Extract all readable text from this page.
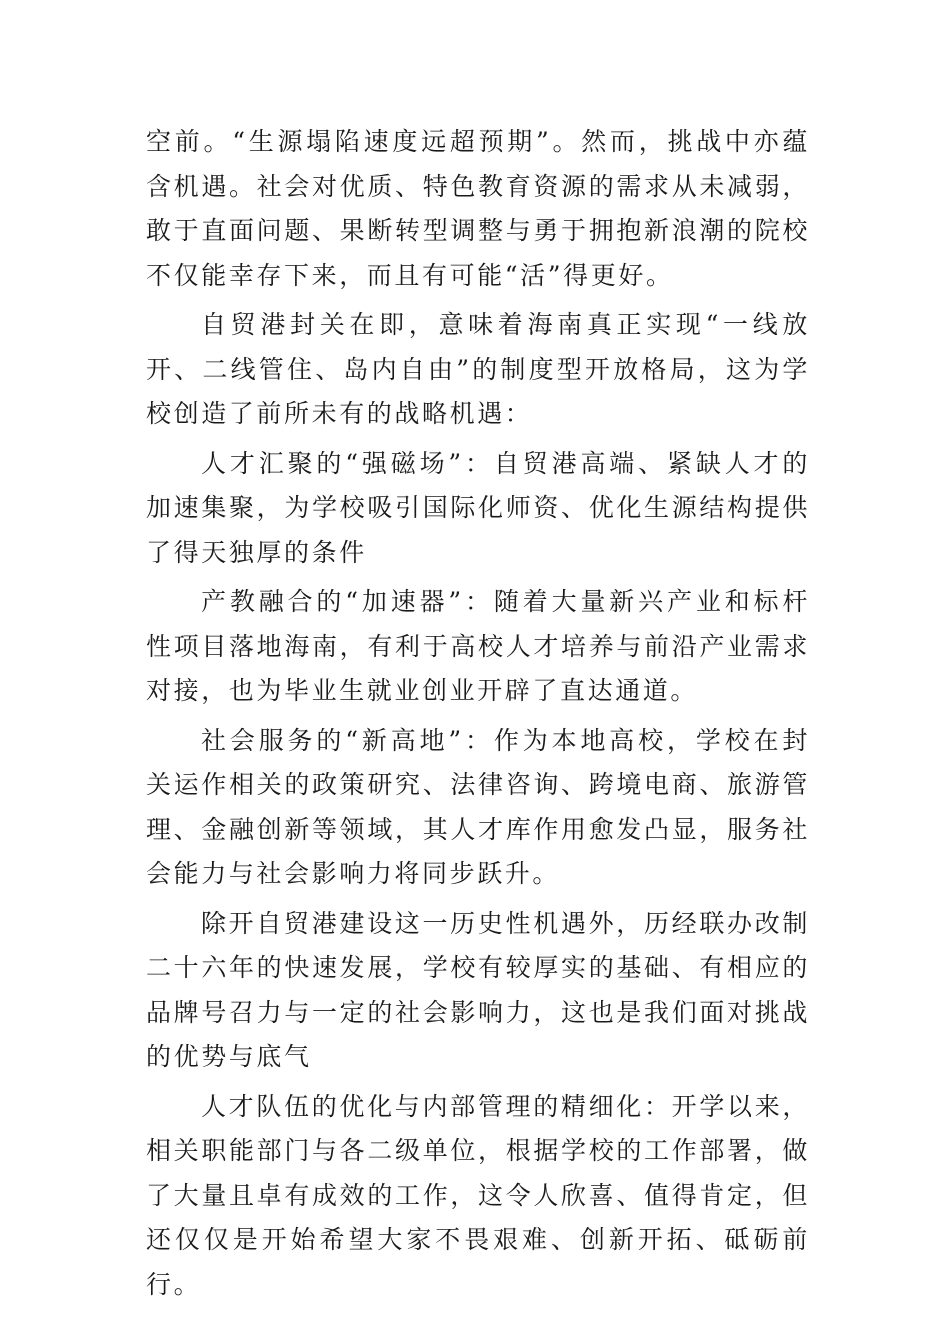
空前。“生源塌陷速度远超预期”。然而，挑战中亦蕴含机遇。社会对优质、特色教育资源的需求从未减弱，敢于直面问题、果断转型调整与勇于拥抱新浪潮的院校不仅能幸存下来，而且有可能“活”得更好。

自贸港封关在即，意味着海南真正实现“一线放开、二线管住、岛内自由”的制度型开放格局，这为学校创造了前所未有的战略机遇：

人才汇聚的“强磁场”：自贸港高端、紧缺人才的加速集聚，为学校吸引国际化师资、优化生源结构提供了得天独厚的条件

产教融合的“加速器”：随着大量新兴产业和标杆性项目落地海南，有利于高校人才培养与前沿产业需求对接，也为毕业生就业创业开辟了直达通道。

社会服务的“新高地”：作为本地高校，学校在封关运作相关的政策研究、法律咨询、跨境电商、旅游管理、金融创新等领域，其人才库作用愈发凸显，服务社会能力与社会影响力将同步跃升。

除开自贸港建设这一历史性机遇外，历经联办改制二十六年的快速发展，学校有较厚实的基础、有相应的品牌号召力与一定的社会影响力，这也是我们面对挑战的优势与底气

人才队伍的优化与内部管理的精细化：开学以来，相关职能部门与各二级单位，根据学校的工作部署，做了大量且卓有成效的工作，这令人欣喜、值得肯定，但还仅仅是开始希望大家不畏艰难、创新开拓、砥砺前行。
